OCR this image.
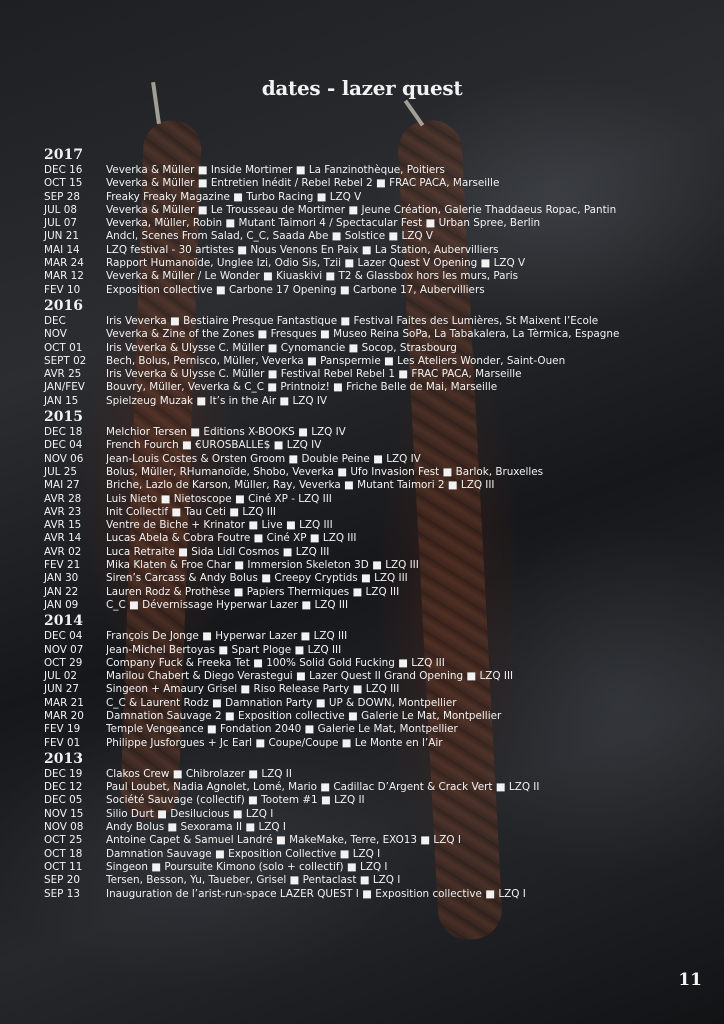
dates - lazer quest
2017
DEC 16	Veverka & Müller ■ Inside Mortimer ■ La Fanzinothèque, Poitiers
OCT 15	Veverka & Müller ■ Entretien Inédit / Rebel Rebel 2 ■ FRAC PACA, Marseille
SEP 28	Freaky Freaky Magazine ■ Turbo Racing ■ LZQ V
JUL 08	Veverka & Müller ■ Le Trousseau de Mortimer ■ Jeune Création, Galerie Thaddaeus Ropac, Pantin
JUL 07	Veverka, Müller, Robin ■ Mutant Taimori 4 / Spectacular Fest ■ Urban Spree, Berlin
JUN 21	Andcl, Scenes From Salad, C_C, Saada Abe ■ Solstice ■ LZQ V
MAI 14	LZQ festival - 30 artistes ■ Nous Venons En Paix ■ La Station, Aubervilliers
MAR 24	Rapport Humanoïde, Unglee Izi, Odio Sis, Tzii ■ Lazer Quest V Opening ■ LZQ V
MAR 12	Veverka & Müller / Le Wonder ■ Kiuaskivi ■ T2 & Glassbox hors les murs, Paris
FEV 10	Exposition collective ■ Carbone 17 Opening ■ Carbone 17, Aubervilliers
2016
DEC	Iris Veverka ■ Bestiaire Presque Fantastique ■ Festival Faites des Lumières, St Maixent l’Ecole
NOV	Veverka & Zine of the Zones ■ Fresques ■ Museo Reina SoPa, La Tabakalera, La Tèrmica, Espagne
OCT 01	Iris Veverka & Ulysse C. Müller ■ Cynomancie ■ Socop, Strasbourg
SEPT 02	Bech, Bolus, Pernisco, Müller, Veverka ■ Panspermie ■ Les Ateliers Wonder, Saint-Ouen
AVR 25	Iris Veverka & Ulysse C. Müller ■ Festival Rebel Rebel 1 ■ FRAC PACA, Marseille
JAN/FEV	Bouvry, Müller, Veverka & C_C ■ Printnoiz! ■ Friche Belle de Mai, Marseille
JAN 15	Spielzeug Muzak ■ It’s in the Air ■ LZQ IV
2015
DEC 18	Melchior Tersen ■ Éditions X-BOOKS ■ LZQ IV
DEC 04	French Fourch ■ €UROSBALLE$ ■ LZQ IV
NOV 06	Jean-Louis Costes & Orsten Groom ■ Double Peine ■ LZQ IV
JUL 25	Bolus, Müller, RHumanoïde, Shobo, Veverka ■ Ufo Invasion Fest ■ Barlok, Bruxelles
MAI 27	Briche, Lazlo de Karson, Müller, Ray, Veverka ■ Mutant Taimori 2 ■ LZQ III
AVR 28	Luis Nieto ■ Nietoscope ■ Ciné XP - LZQ III
AVR 23	Init Collectif ■ Tau Ceti ■ LZQ III
AVR 15	Ventre de Biche + Krinator ■ Live ■ LZQ III
AVR 14	Lucas Abela & Cobra Foutre ■ Ciné XP ■ LZQ III
AVR 02	Luca Retraite ■ Sida Lidl Cosmos ■ LZQ III
FEV 21	Mika Klaten & Froe Char ■ Immersion Skeleton 3D ■ LZQ III
JAN 30	Siren’s Carcass & Andy Bolus ■ Creepy Cryptids ■ LZQ III
JAN 22	Lauren Rodz & Prothèse ■ Papiers Thermiques ■ LZQ III
JAN 09	C_C ■ Dévernissage Hyperwar Lazer ■ LZQ III
2014
DEC 04	François De Jonge ■ Hyperwar Lazer ■ LZQ III
NOV 07	Jean-Michel Bertoyas ■ Spart Ploge ■ LZQ III
OCT 29	Company Fuck & Freeka Tet ■ 100% Solid Gold Fucking ■ LZQ III
JUL 02	Marilou Chabert & Diego Verastegui ■ Lazer Quest II Grand Opening ■ LZQ III
JUN 27	Singeon + Amaury Grisel ■ Riso Release Party ■ LZQ III
MAR 21	C_C & Laurent Rodz ■ Damnation Party ■ UP & DOWN, Montpellier
MAR 20	Damnation Sauvage 2 ■ Exposition collective ■ Galerie Le Mat, Montpellier
FEV 19	Temple Vengeance ■ Fondation 2040 ■ Galerie Le Mat, Montpellier
FEV 01	Philippe Jusforgues + Jc Earl ■ Coupe/Coupe ■ Le Monte en l’Air
2013
DEC 19	Clakos Crew ■ Chibrolazer ■ LZQ II
DEC 12	Paul Loubet, Nadia Agnolet, Lomé, Mario ■ Cadillac D’Argent & Crack Vert ■ LZQ II
DEC 05	Société Sauvage (collectif) ■ Tootem #1 ■ LZQ II
NOV 15	Silio Durt ■ Desilucious ■ LZQ I
NOV 08	Andy Bolus ■ Sexorama II ■ LZQ I
OCT 25	Antoine Capet & Samuel Landré ■ MakeMake, Terre, EXO13 ■ LZQ I
OCT 18	Damnation Sauvage ■ Exposition Collective ■ LZQ I
OCT 11	Singeon ■ Poursuite Kimono (solo + collectif) ■ LZQ I
SEP 20	Tersen, Besson, Yu, Taueber, Grisel ■ Pentaclast ■ LZQ I
SEP 13	Inauguration de l’arist-run-space LAZER QUEST I ■ Exposition collective ■ LZQ I
11
